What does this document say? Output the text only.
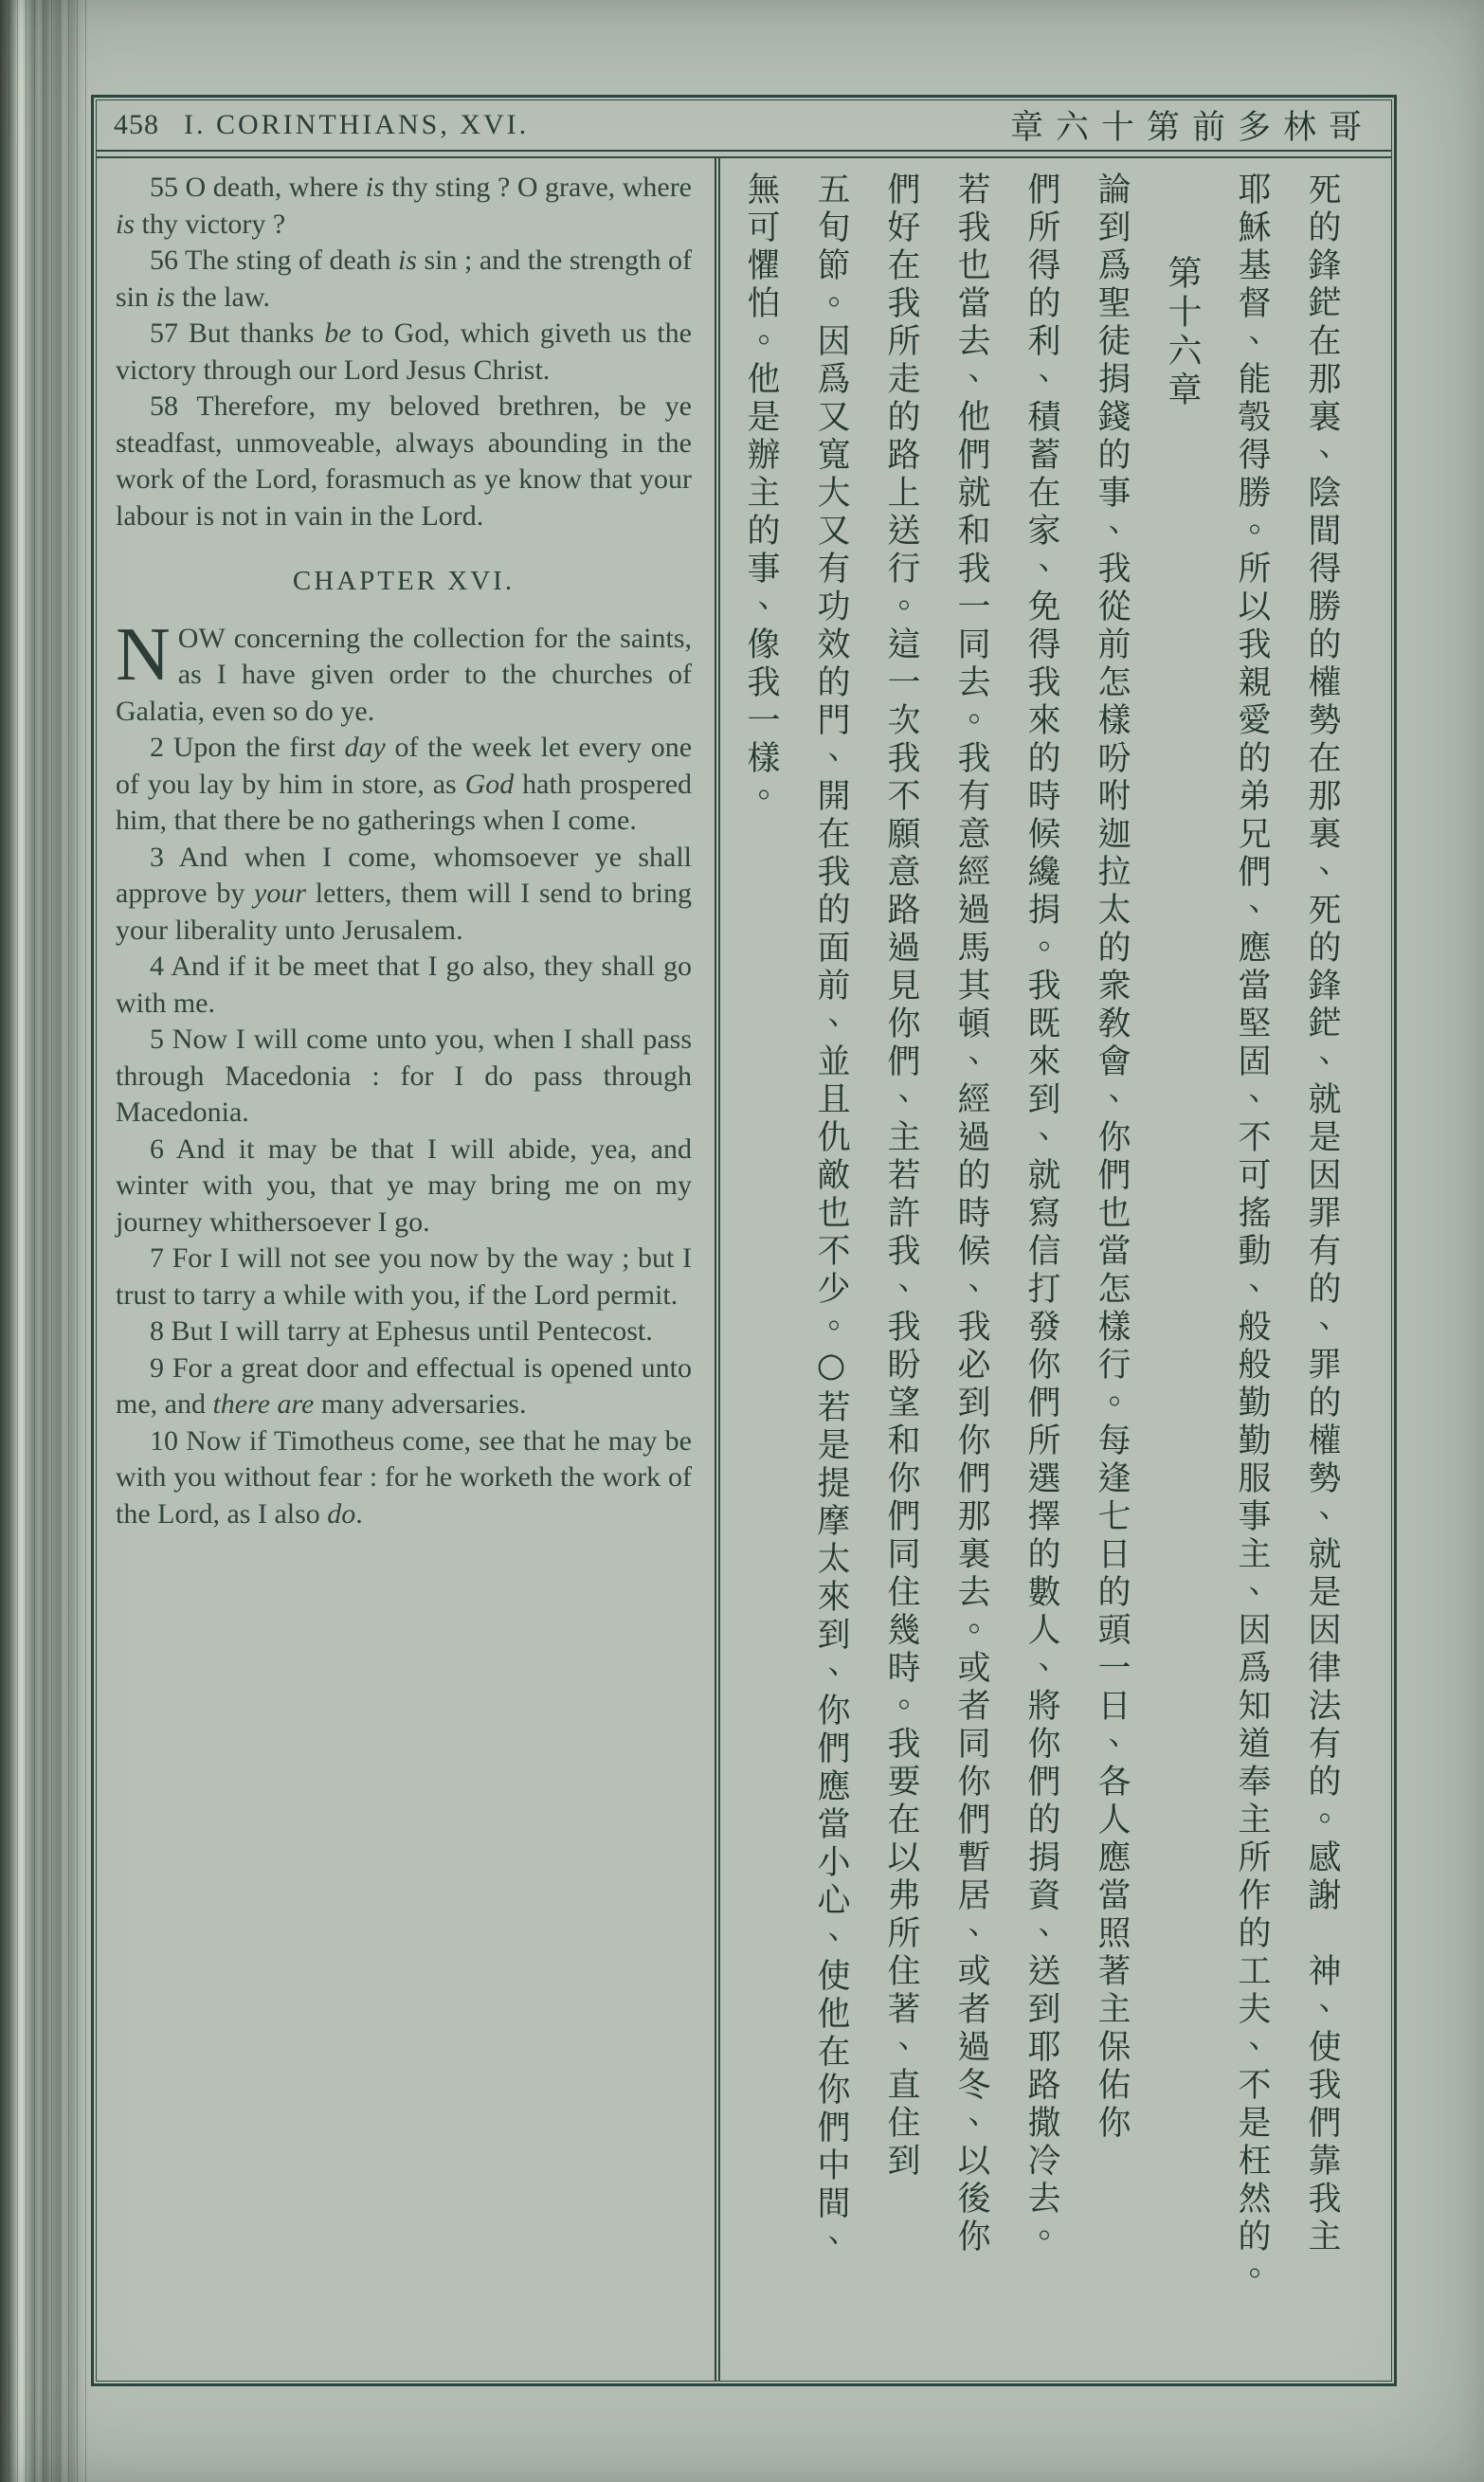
458 I. CORINTHIANS, XVI.	章六十第前多林哥

55 O death, where is thy sting ? O grave, where is thy victory ?

56 The sting of death is sin ; and the strength of sin is the law.

57 But thanks be to God, which giveth us the victory through our Lord Jesus Christ.

58 Therefore, my beloved brethren, be ye steadfast, unmoveable, always abounding in the work of the Lord, forasmuch as ye know that your labour is not in vain in the Lord.

CHAPTER XVI.

NOW concerning the collection for the saints, as I have given order to the churches of Galatia, even so do ye.

2 Upon the first day of the week let every one of you lay by him in store, as God hath prospered him, that there be no gatherings when I come.

3 And when I come, whomsoever ye shall approve by your letters, them will I send to bring your liberality unto Jerusalem.

4 And if it be meet that I go also, they shall go with me.

5 Now I will come unto you, when I shall pass through Macedonia : for I do pass through Macedonia.

6 And it may be that I will abide, yea, and winter with you, that ye may bring me on my journey whithersoever I go.

7 For I will not see you now by the way ; but I trust to tarry a while with you, if the Lord permit.

8 But I will tarry at Ephesus until Pentecost.

9 For a great door and effectual is opened unto me, and there are many adversaries.

10 Now if Timotheus come, see that he may be with you without fear : for he worketh the work of the Lord, as I also do.	死的鋒鋩在那裏、陰間得勝的權勢在那裏、死的鋒鋩、就是因罪有的、罪的權勢、就是因律法有的。感謝　神、使我們靠我主

耶穌基督、能彀得勝。所以我親愛的弟兄們、應當堅固、不可搖動、般般勤勤服事主、因爲知道奉主所作的工夫、不是枉然的。

第十六章

論到爲聖徒捐錢的事、我從前怎樣吩咐迦拉太的衆敎會、你們也當怎樣行。每逢七日的頭一日、各人應當照著主保佑你

們所得的利、積蓄在家、免得我來的時候纔捐。我既來到、就寫信打發你們所選擇的數人、將你們的捐資、送到耶路撒冷去。

若我也當去、他們就和我一同去。我有意經過馬其頓、經過的時候、我必到你們那裏去。或者同你們暫居、或者過冬、以後你

們好在我所走的路上送行。這一次我不願意路過見你們、主若許我、我盼望和你們同住幾時。我要在以弗所住著、直住到

五旬節。因爲又寬大又有功效的門、開在我的面前、並且仇敵也不少。○若是提摩太來到、你們應當小心、使他在你們中間、

無可懼怕。他是辦主的事、像我一樣。
